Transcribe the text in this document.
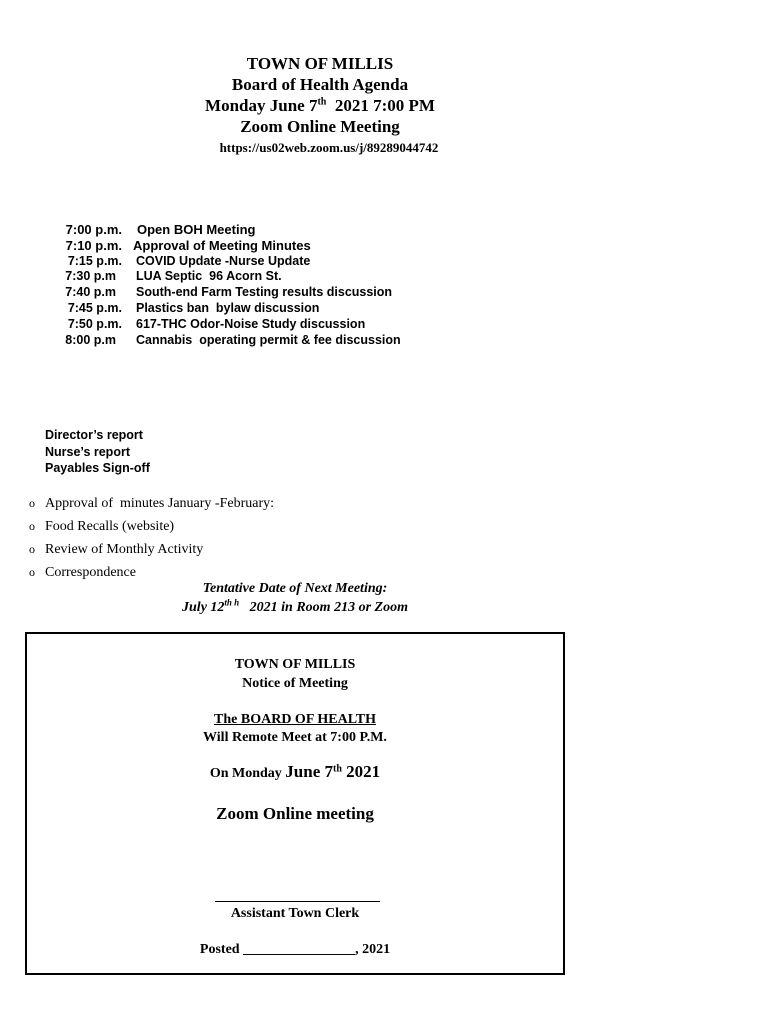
TOWN OF MILLIS
Board of Health Agenda
Monday June 7th  2021 7:00 PM
Zoom Online Meeting
https://us02web.zoom.us/j/89289044742
7:00 p.m.	Open BOH Meeting
7:10 p.m. Approval of Meeting Minutes
7:15 p.m.	COVID Update -Nurse Update
7:30 p.m	LUA Septic  96 Acorn St.
7:40 p.m	South-end Farm Testing results discussion
7:45 p.m.	Plastics ban  bylaw discussion
7:50 p.m.	617-THC Odor-Noise Study discussion
8:00 p.m	Cannabis  operating permit & fee discussion
Director’s report
Nurse’s report
Payables Sign-off
o Approval of  minutes January -February:
o Food Recalls (website)
o Review of Monthly Activity
o Correspondence
Tentative Date of Next Meeting:
July $12^{th h}$   2021 in Room 213 or Zoom
TOWN OF MILLIS
Notice of Meeting
The BOARD OF HEALTH
Will Remote Meet at 7:00 P.M.
On Monday June 7th 2021
Zoom Online meeting
Assistant Town Clerk
Posted ________________, 2021
